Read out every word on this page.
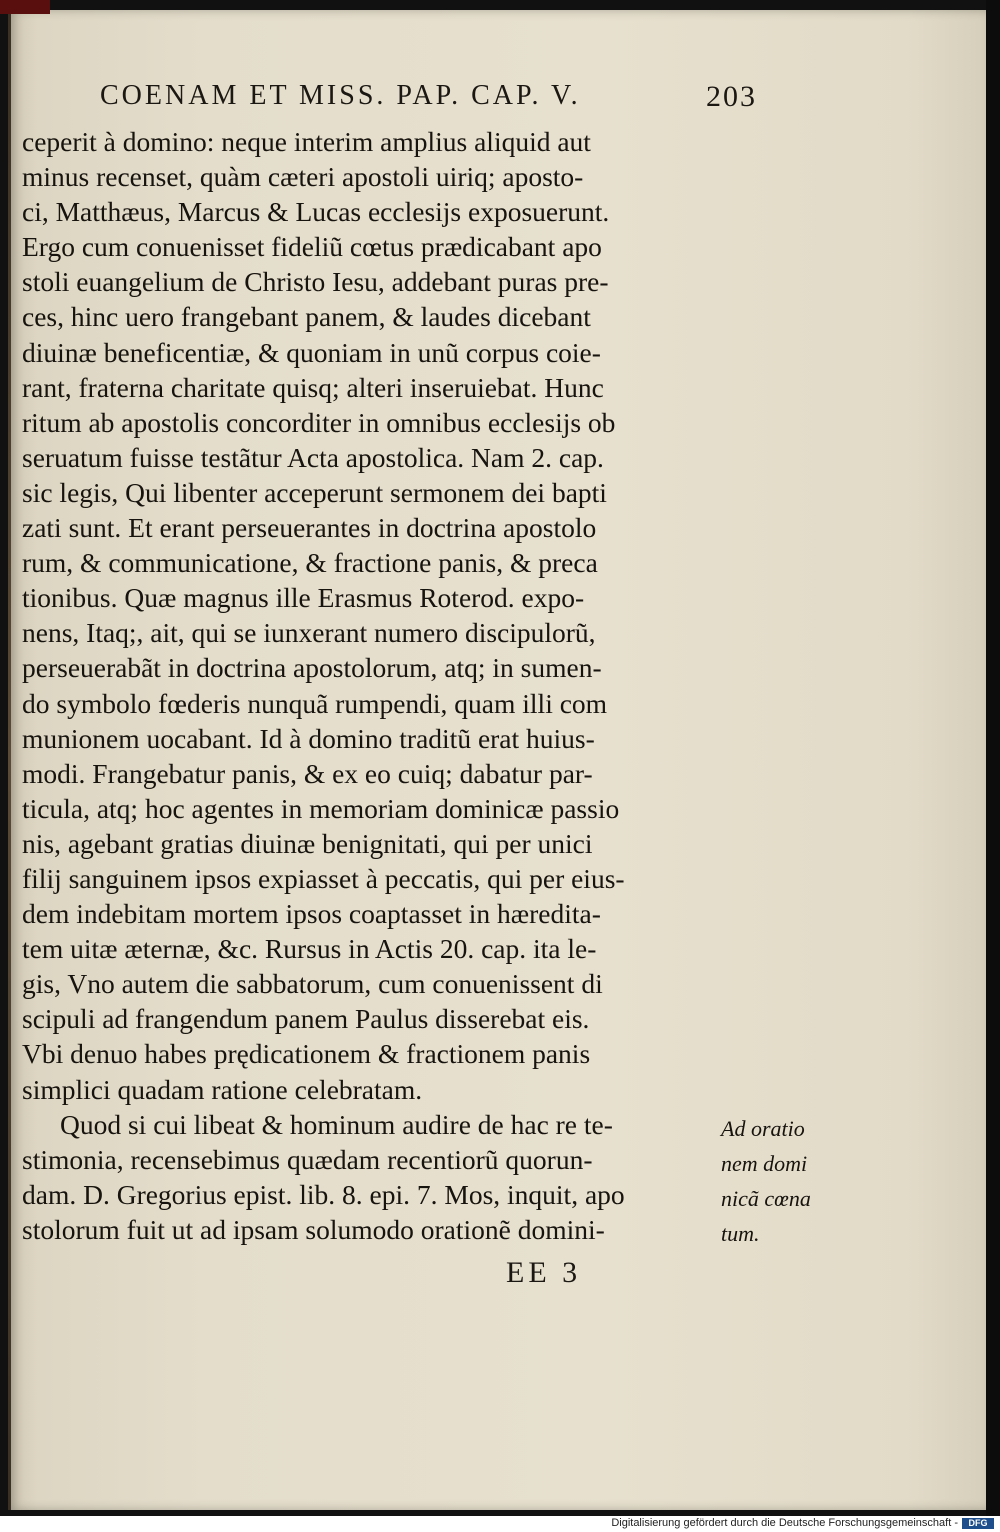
COENAM ET MISS. PAP. CAP. V.	203
ceperit à domino: neque interim amplius aliquid aut
minus recenset, quàm cæteri apostoli uiriq; aposto-
ci, Matthæus, Marcus & Lucas ecclesijs exposuerunt.
Ergo cum conuenisset fideliũ cœtus prædicabant apo
stoli euangelium de Christo Iesu, addebant puras pre-
ces, hinc uero frangebant panem, & laudes dicebant
diuinæ beneficentiæ, & quoniam in unũ corpus coie-
rant, fraterna charitate quisq; alteri inseruiebat. Hunc
ritum ab apostolis concorditer in omnibus ecclesijs ob
seruatum fuisse testãtur Acta apostolica. Nam 2. cap.
sic legis, Qui libenter acceperunt sermonem dei bapti
zati sunt. Et erant perseuerantes in doctrina apostolo
rum, & communicatione, & fractione panis, & preca
tionibus. Quæ magnus ille Erasmus Roterod. expo-
nens, Itaq;, ait, qui se iunxerant numero discipulorũ,
perseuerabãt in doctrina apostolorum, atq; in sumen-
do symbolo fœderis nunquã rumpendi, quam illi com
munionem uocabant. Id à domino traditũ erat huius-
modi. Frangebatur panis, & ex eo cuiq; dabatur par-
ticula, atq; hoc agentes in memoriam dominicæ passio
nis, agebant gratias diuinæ benignitati, qui per unici
filij sanguinem ipsos expiasset à peccatis, qui per eius-
dem indebitam mortem ipsos coaptasset in hæredita-
tem uitæ æternæ, &c. Rursus in Actis 20. cap. ita le-
gis, Vno autem die sabbatorum, cum conuenissent di
scipuli ad frangendum panem Paulus disserebat eis.
Vbi denuo habes prędicationem & fractionem panis
simplici quadam ratione celebratam.
Quod si cui libeat & hominum audire de hac re te-
stimonia, recensebimus quædam recentiorũ quorun-
dam. D. Gregorius epist. lib. 8. epi. 7. Mos, inquit, apo
stolorum fuit ut ad ipsam solumodo orationẽ domini-
Ad oratio
nem domi
nicã cœna
tum.
EE 3
Digitalisierung gefördert durch die Deutsche Forschungsgemeinschaft -	DFG
